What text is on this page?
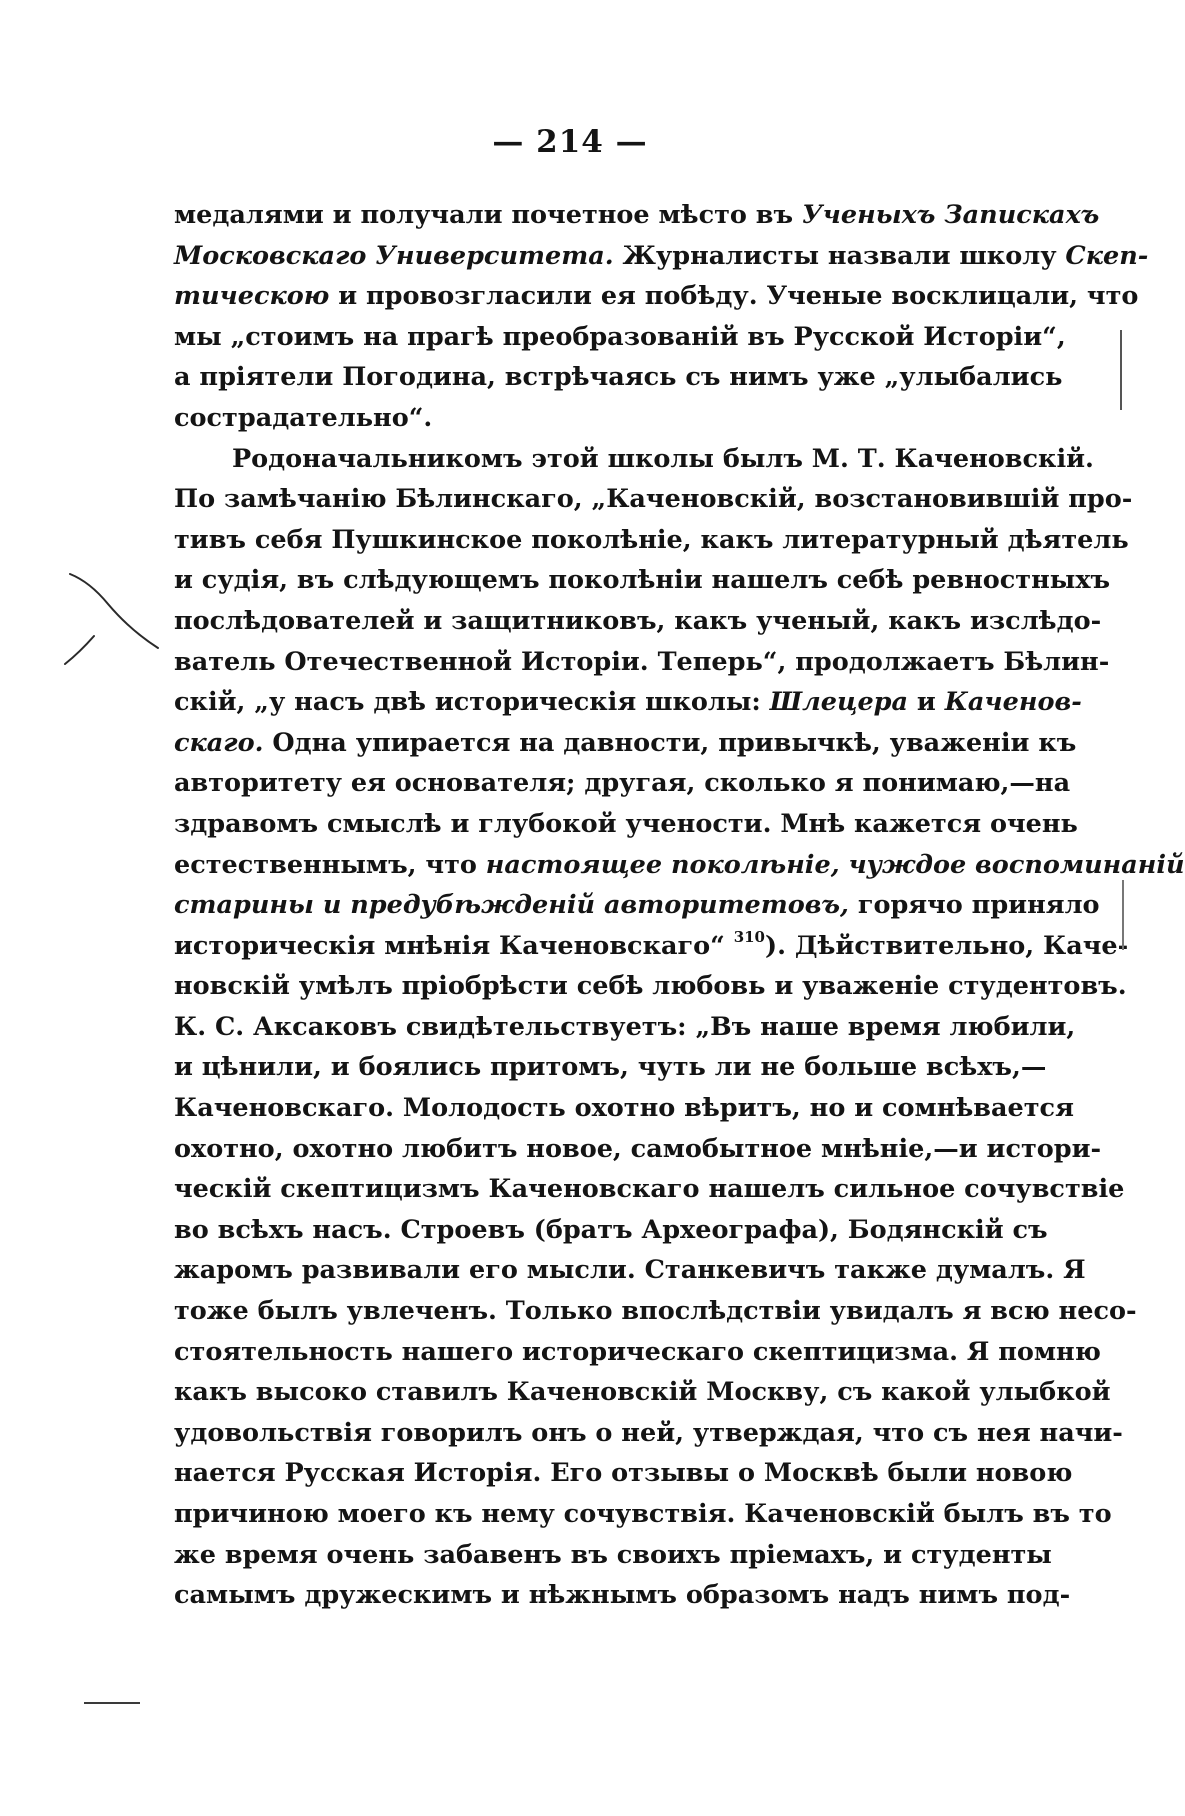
— 214 —
медалями и получали почетное мѣсто въ Ученыхъ Запискахъ
Московскаго Университета. Журналисты назвали школу Скеп-
тическою и провозгласили ея побѣду. Ученые восклицали, что
мы „стоимъ на прагѣ преобразованій въ Русской Исторіи“,
а пріятели Погодина, встрѣчаясь съ нимъ уже „улыбались
сострадательно“.
Родоначальникомъ этой школы былъ М. Т. Каченовскій.
По замѣчанію Бѣлинскаго, „Каченовскій, возстановившій про-
тивъ себя Пушкинское поколѣніе, какъ литературный дѣятель
и судія, въ слѣдующемъ поколѣніи нашелъ себѣ ревностныхъ
послѣдователей и защитниковъ, какъ ученый, какъ изслѣдо-
ватель Отечественной Исторіи. Теперь“, продолжаетъ Бѣлин-
скій, „у насъ двѣ историческія школы: Шлецера и Каченов-
скаго. Одна упирается на давности, привычкѣ, уваженіи къ
авторитету ея основателя; другая, сколько я понимаю,—на
здравомъ смыслѣ и глубокой учености. Мнѣ кажется очень
естественнымъ, что настоящее поколѣніе, чуждое воспоминаній
старины и предубѣжденій авторитетовъ, горячо приняло
историческія мнѣнія Каченовскаго“ $^{310}$). Дѣйствительно, Каче-
новскій умѣлъ пріобрѣсти себѣ любовь и уваженіе студентовъ.
К. С. Аксаковъ свидѣтельствуетъ: „Въ наше время любили,
и цѣнили, и боялись притомъ, чуть ли не больше всѣхъ,—
Каченовскаго. Молодость охотно вѣритъ, но и сомнѣвается
охотно, охотно любитъ новое, самобытное мнѣніе,—и истори-
ческій скептицизмъ Каченовскаго нашелъ сильное сочувствіе
во всѣхъ насъ. Строевъ (братъ Археографа), Бодянскій съ
жаромъ развивали его мысли. Станкевичъ также думалъ. Я
тоже былъ увлеченъ. Только впослѣдствіи увидалъ я всю несо-
стоятельность нашего историческаго скептицизма. Я помню
какъ высоко ставилъ Каченовскій Москву, съ какой улыбкой
удовольствія говорилъ онъ о ней, утверждая, что съ нея начи-
нается Русская Исторія. Его отзывы о Москвѣ были новою
причиною моего къ нему сочувствія. Каченовскій былъ въ то
же время очень забавенъ въ своихъ пріемахъ, и студенты
самымъ дружескимъ и нѣжнымъ образомъ надъ нимъ под-
